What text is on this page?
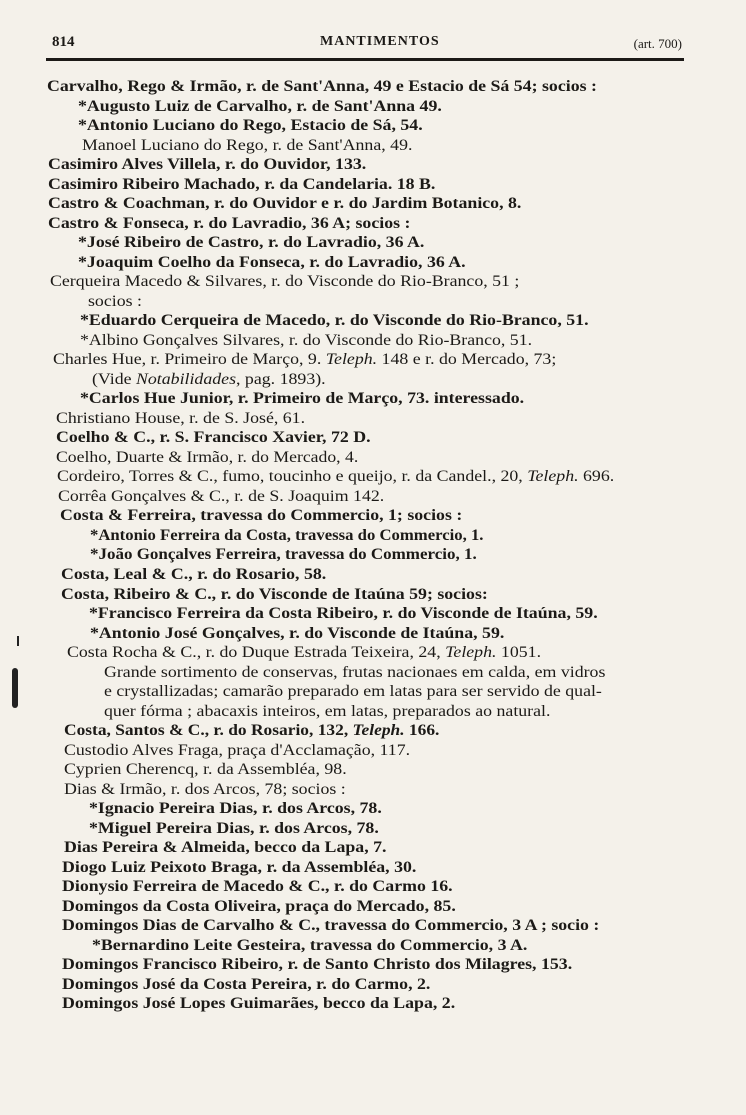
814	MANTIMENTOS	(art. 700)
Carvalho, Rego & Irmão, r. de Sant'Anna, 49 e Estacio de Sá 54; socios :
*Augusto Luiz de Carvalho, r. de Sant'Anna 49.
*Antonio Luciano do Rego, Estacio de Sá, 54.
Manoel Luciano do Rego, r. de Sant'Anna, 49.
Casimiro Alves Villela, r. do Ouvidor, 133.
Casimiro Ribeiro Machado, r. da Candelaria. 18 B.
Castro & Coachman, r. do Ouvidor e r. do Jardim Botanico, 8.
Castro & Fonseca, r. do Lavradio, 36 A; socios :
*José Ribeiro de Castro, r. do Lavradio, 36 A.
*Joaquim Coelho da Fonseca, r. do Lavradio, 36 A.
Cerqueira Macedo & Silvares, r. do Visconde do Rio-Branco, 51 ;
socios :
*Eduardo Cerqueira de Macedo, r. do Visconde do Rio-Branco, 51.
*Albino Gonçalves Silvares, r. do Visconde do Rio-Branco, 51.
Charles Hue, r. Primeiro de Março, 9. Teleph. 148 e r. do Mercado, 73;
(Vide Notabilidades, pag. 1893).
*Carlos Hue Junior, r. Primeiro de Março, 73. interessado.
Christiano House, r. de S. José, 61.
Coelho & C., r. S. Francisco Xavier, 72 D.
Coelho, Duarte & Irmão, r. do Mercado, 4.
Cordeiro, Torres & C., fumo, toucinho e queijo, r. da Candel., 20, Teleph. 696.
Corrêa Gonçalves & C., r. de S. Joaquim 142.
Costa & Ferreira, travessa do Commercio, 1; socios :
*Antonio Ferreira da Costa, travessa do Commercio, 1.
*João Gonçalves Ferreira, travessa do Commercio, 1.
Costa, Leal & C., r. do Rosario, 58.
Costa, Ribeiro & C., r. do Visconde de Itaúna 59; socios:
*Francisco Ferreira da Costa Ribeiro, r. do Visconde de Itaúna, 59.
*Antonio José Gonçalves, r. do Visconde de Itaúna, 59.
Costa Rocha & C., r. do Duque Estrada Teixeira, 24, Teleph. 1051.
Grande sortimento de conservas, frutas nacionaes em calda, em vidros
e crystallizadas; camarão preparado em latas para ser servido de qual-
quer fórma ; abacaxis inteiros, em latas, preparados ao natural.
Costa, Santos & C., r. do Rosario, 132, Teleph. 166.
Custodio Alves Fraga, praça d'Acclamação, 117.
Cyprien Cherencq, r. da Assembléa, 98.
Dias & Irmão, r. dos Arcos, 78; socios :
*Ignacio Pereira Dias, r. dos Arcos, 78.
*Miguel Pereira Dias, r. dos Arcos, 78.
Dias Pereira & Almeida, becco da Lapa, 7.
Diogo Luiz Peixoto Braga, r. da Assembléa, 30.
Dionysio Ferreira de Macedo & C., r. do Carmo 16.
Domingos da Costa Oliveira, praça do Mercado, 85.
Domingos Dias de Carvalho & C., travessa do Commercio, 3 A ; socio :
*Bernardino Leite Gesteira, travessa do Commercio, 3 A.
Domingos Francisco Ribeiro, r. de Santo Christo dos Milagres, 153.
Domingos José da Costa Pereira, r. do Carmo, 2.
Domingos José Lopes Guimarães, becco da Lapa, 2.
